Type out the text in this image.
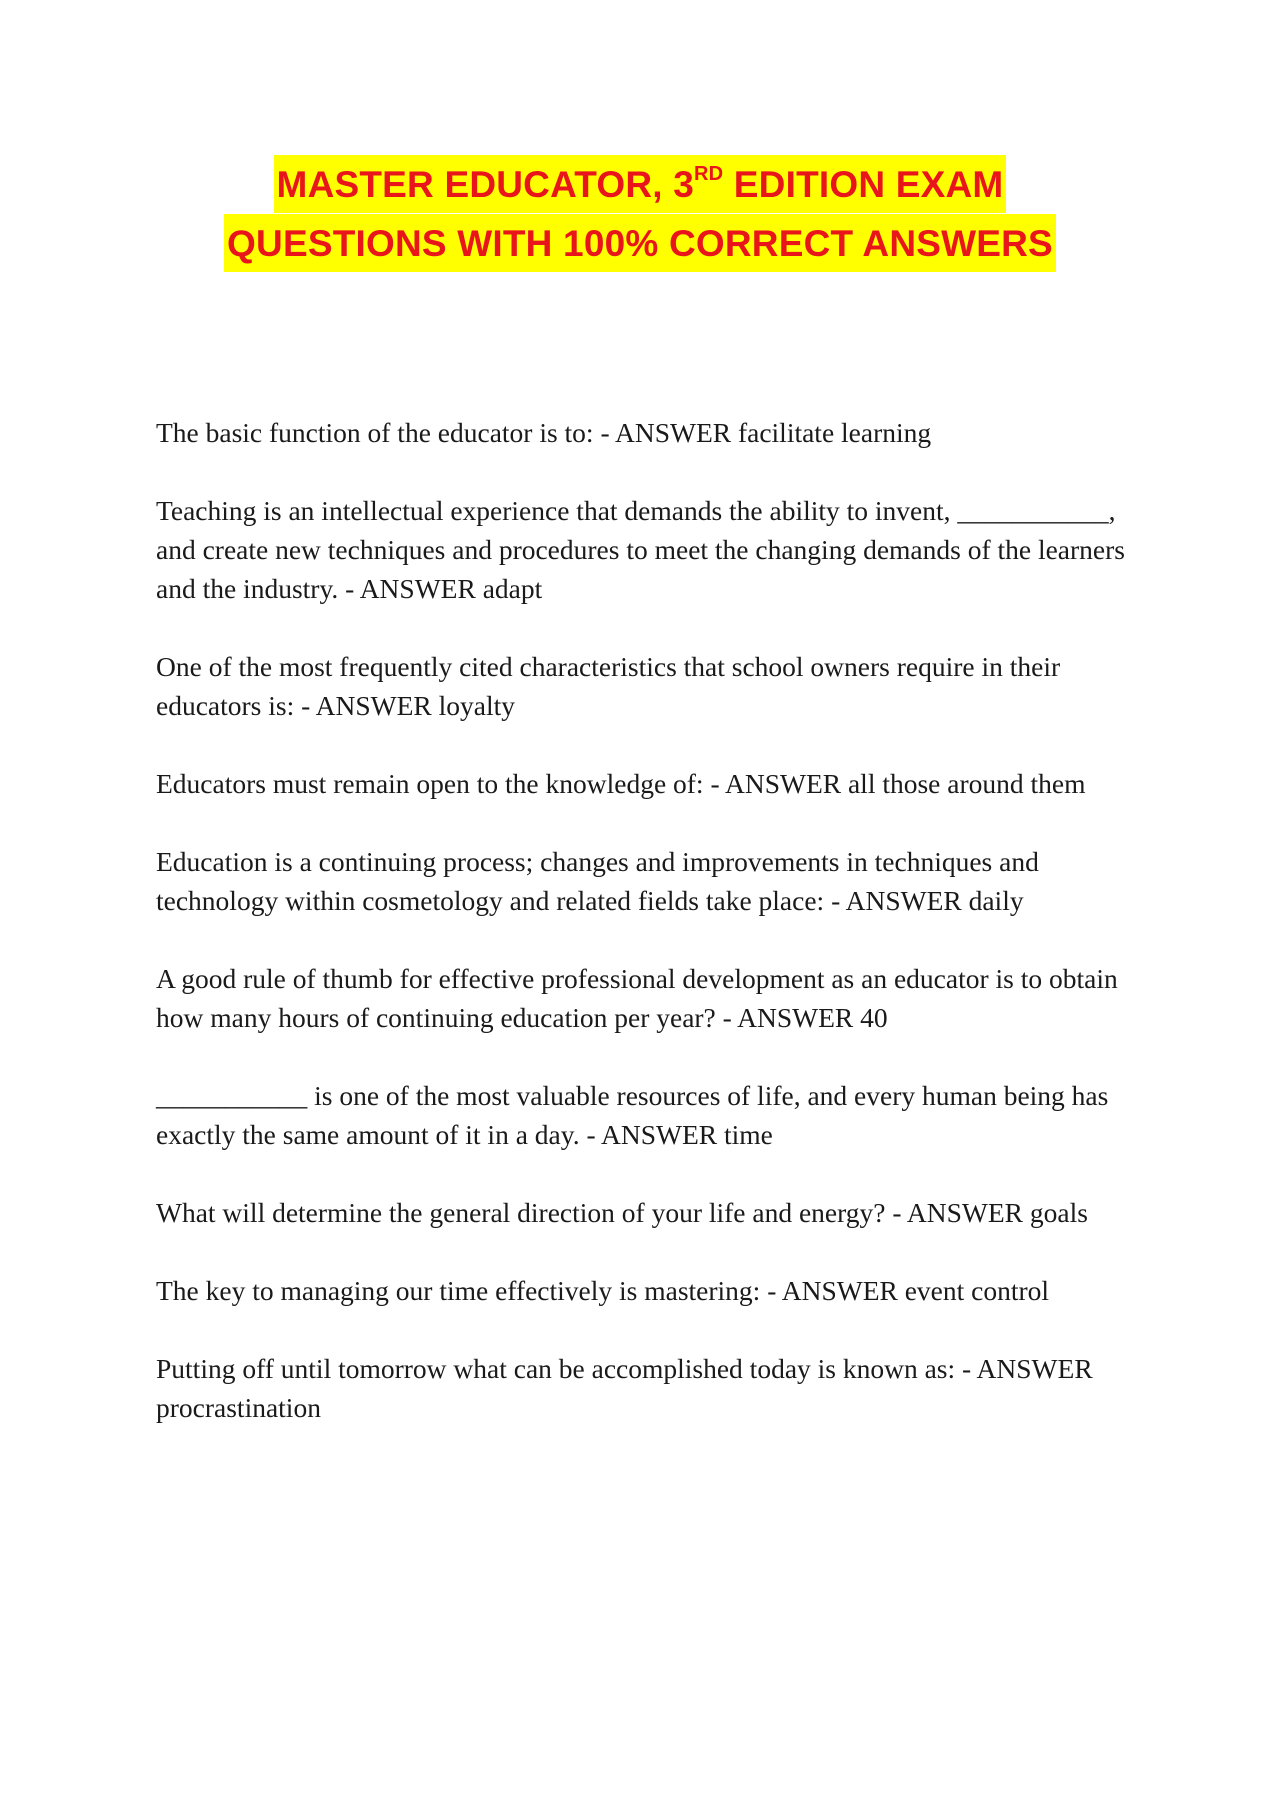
MASTER EDUCATOR, 3RD EDITION EXAM
QUESTIONS WITH 100% CORRECT ANSWERS
The basic function of the educator is to: - ANSWER facilitate learning
Teaching is an intellectual experience that demands the ability to invent, ___________, and create new techniques and procedures to meet the changing demands of the learners and the industry. - ANSWER adapt
One of the most frequently cited characteristics that school owners require in their educators is: - ANSWER loyalty
Educators must remain open to the knowledge of: - ANSWER all those around them
Education is a continuing process; changes and improvements in techniques and technology within cosmetology and related fields take place: - ANSWER daily
A good rule of thumb for effective professional development as an educator is to obtain how many hours of continuing education per year? - ANSWER 40
___________ is one of the most valuable resources of life, and every human being has exactly the same amount of it in a day. - ANSWER time
What will determine the general direction of your life and energy? - ANSWER goals
The key to managing our time effectively is mastering: - ANSWER event control
Putting off until tomorrow what can be accomplished today is known as: - ANSWER procrastination
